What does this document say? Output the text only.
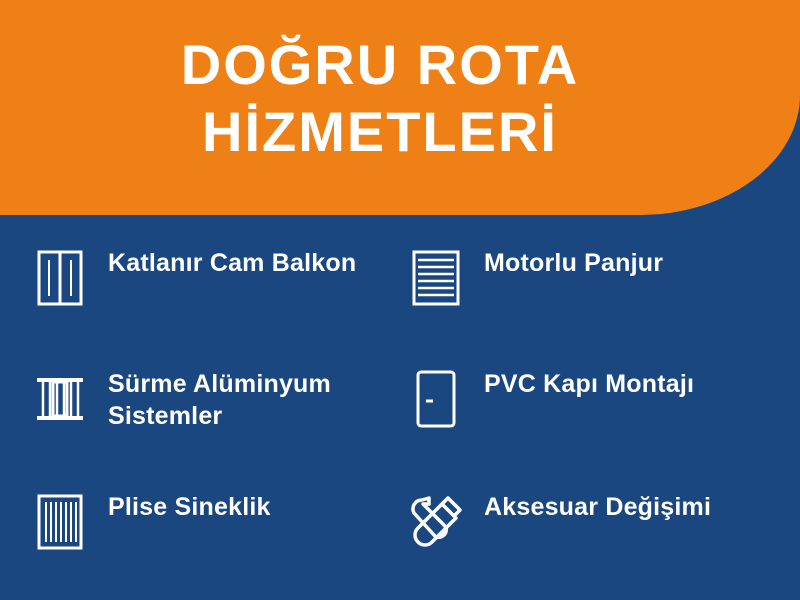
DOĞRU ROTA
HİZMETLERİ
Katlanır Cam Balkon
Sürme Alüminyum Sistemler
Plise Sineklik
Motorlu Panjur
PVC Kapı Montajı
Aksesuar Değişimi
